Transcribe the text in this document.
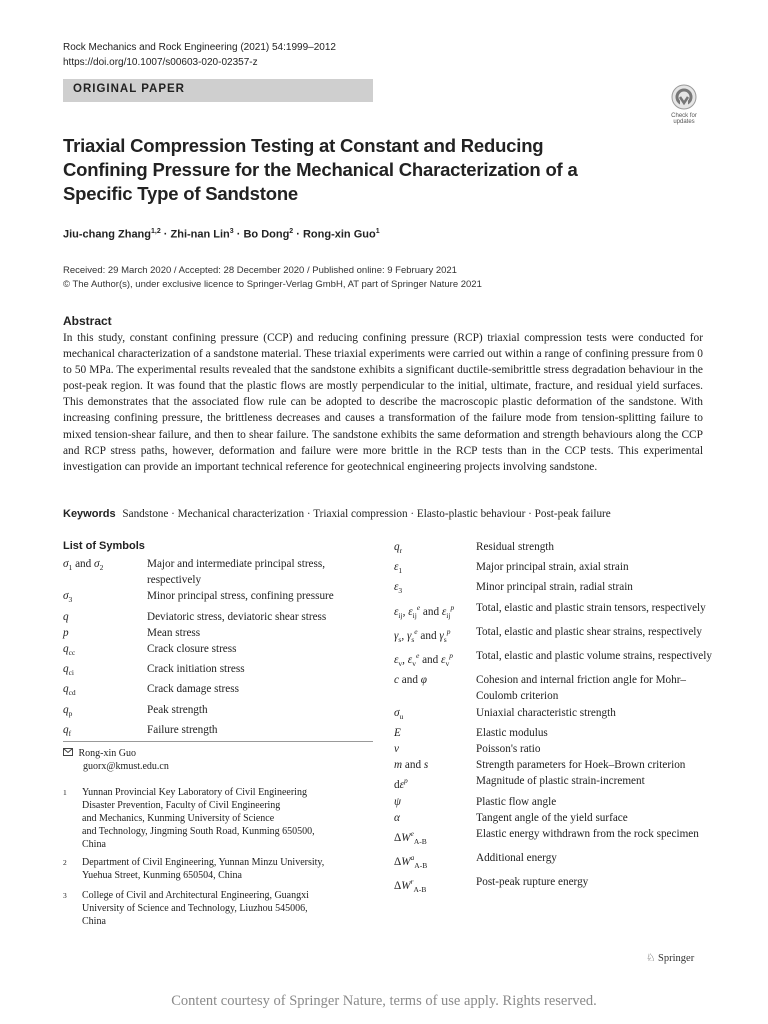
Rock Mechanics and Rock Engineering (2021) 54:1999–2012
https://doi.org/10.1007/s00603-020-02357-z
ORIGINAL PAPER
Check for
updates
Triaxial Compression Testing at Constant and Reducing Confining Pressure for the Mechanical Characterization of a Specific Type of Sandstone
Jiu-chang Zhang$^{1,2}$ · Zhi-nan Lin$^3$ · Bo Dong$^2$ · Rong-xin Guo$^1$
Received: 29 March 2020 / Accepted: 28 December 2020 / Published online: 9 February 2021
© The Author(s), under exclusive licence to Springer-Verlag GmbH, AT part of Springer Nature 2021
Abstract
In this study, constant confining pressure (CCP) and reducing confining pressure (RCP) triaxial compression tests were conducted for mechanical characterization of a sandstone material. These triaxial experiments were carried out within a range of confining pressure from 0 to 50 MPa. The experimental results revealed that the sandstone exhibits a significant ductile-semibrittle stress degradation behaviour in the post-peak region. It was found that the plastic flows are mostly perpendicular to the initial, ultimate, fracture, and residual yield surfaces. This demonstrates that the associated flow rule can be adopted to describe the macroscopic plastic deformation of the sandstone. With increasing confining pressure, the brittleness decreases and causes a transformation of the failure mode from tension-splitting failure to mixed tension-shear failure, and then to shear failure. The sandstone exhibits the same deformation and strength behaviours along the CCP and RCP stress paths, however, deformation and failure were more brittle in the RCP tests than in the CCP tests. This experimental investigation can provide an important technical reference for geotechnical engineering projects involving sandstone.
Keywords Sandstone · Mechanical characterization · Triaxial compression · Elasto-plastic behaviour · Post-peak failure
List of Symbols
$\sigma_1$ and $\sigma_2$	Major and intermediate principal stress, respectively
$\sigma_3$	Minor principal stress, confining pressure
q	Deviatoric stress, deviatoric shear stress
p	Mean stress
$q_{cc}$	Crack closure stress
$q_{ci}$	Crack initiation stress
$q_{cd}$	Crack damage stress
$q_p$	Peak strength
$q_f$	Failure strength
$q_r$	Residual strength
$\varepsilon_1$	Major principal strain, axial strain
$\varepsilon_3$	Minor principal strain, radial strain
$\varepsilon_{ij}$, $\varepsilon_{ij}^e$ and $\varepsilon_{ij}^p$	Total, elastic and plastic strain tensors, respectively
$\gamma_s$, $\gamma_s^e$ and $\gamma_s^p$	Total, elastic and plastic shear strains, respectively
$\varepsilon_v$, $\varepsilon_v^e$ and $\varepsilon_v^p$	Total, elastic and plastic volume strains, respectively
c and φ	Cohesion and internal friction angle for Mohr–Coulomb criterion
$\sigma_u$	Uniaxial characteristic strength
E	Elastic modulus
ν	Poisson's ratio
m and s	Strength parameters for Hoek–Brown criterion
$d\varepsilon^p$	Magnitude of plastic strain-increment
ψ	Plastic flow angle
α	Tangent angle of the yield surface
$\Delta W^e_{A-B}$	Elastic energy withdrawn from the rock specimen
$\Delta W^a_{A-B}$	Additional energy
$\Delta W^r_{A-B}$	Post-peak rupture energy
Rong-xin Guo
guorx@kmust.edu.cn
1 Yunnan Provincial Key Laboratory of Civil Engineering
Disaster Prevention, Faculty of Civil Engineering
and Mechanics, Kunming University of Science
and Technology, Jingming South Road, Kunming 650500,
China
2 Department of Civil Engineering, Yunnan Minzu University,
Yuehua Street, Kunming 650504, China
3 College of Civil and Architectural Engineering, Guangxi
University of Science and Technology, Liuzhou 545006,
China
♘ Springer
Content courtesy of Springer Nature, terms of use apply. Rights reserved.
